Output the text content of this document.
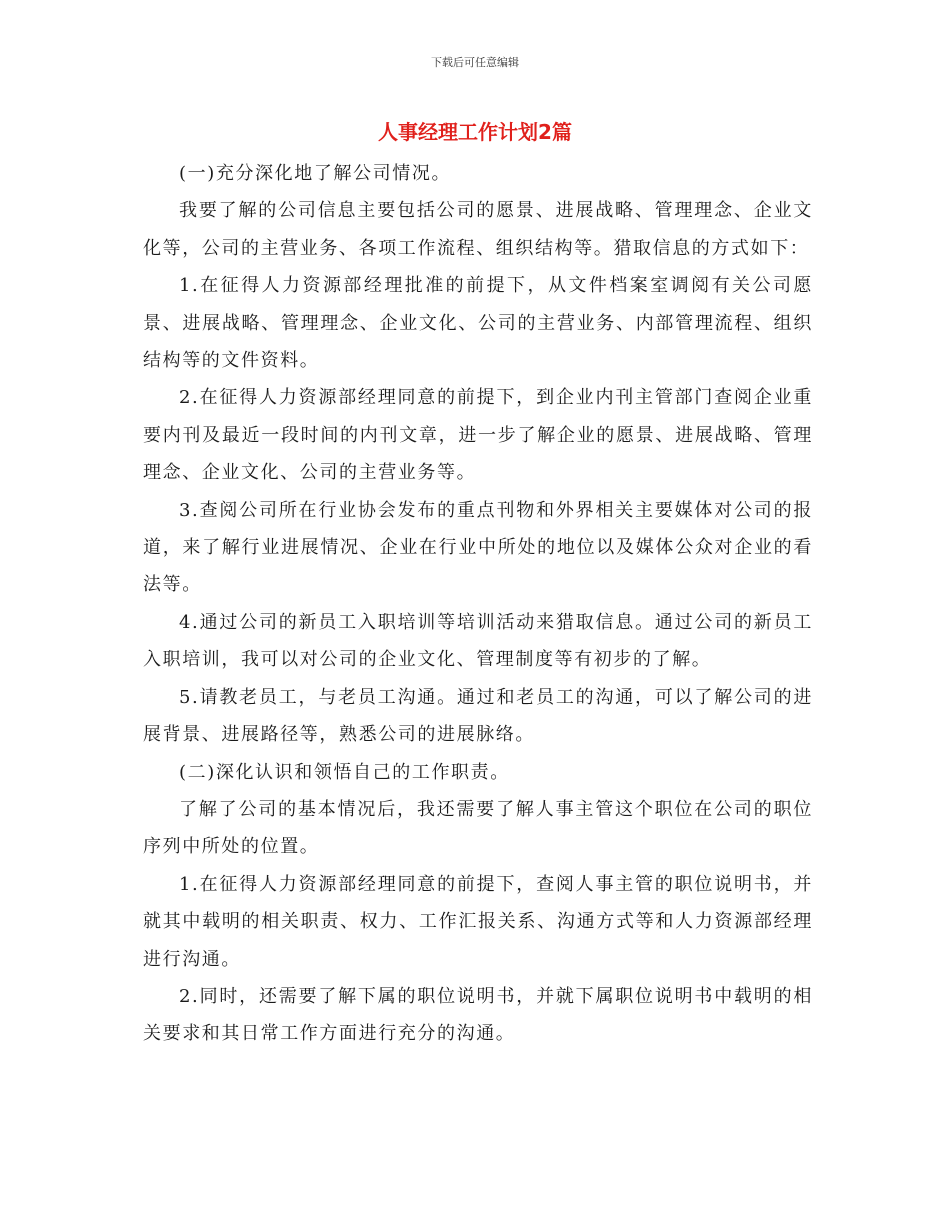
下载后可任意编辑
人事经理工作计划2篇

(一)充分深化地了解公司情况。

我要了解的公司信息主要包括公司的愿景、进展战略、管理理念、企业文化等，公司的主营业务、各项工作流程、组织结构等。猎取信息的方式如下：

1.在征得人力资源部经理批准的前提下，从文件档案室调阅有关公司愿景、进展战略、管理理念、企业文化、公司的主营业务、内部管理流程、组织结构等的文件资料。

2.在征得人力资源部经理同意的前提下，到企业内刊主管部门查阅企业重要内刊及最近一段时间的内刊文章，进一步了解企业的愿景、进展战略、管理理念、企业文化、公司的主营业务等。

3.查阅公司所在行业协会发布的重点刊物和外界相关主要媒体对公司的报道，来了解行业进展情况、企业在行业中所处的地位以及媒体公众对企业的看法等。

4.通过公司的新员工入职培训等培训活动来猎取信息。通过公司的新员工入职培训，我可以对公司的企业文化、管理制度等有初步的了解。

5.请教老员工，与老员工沟通。通过和老员工的沟通，可以了解公司的进展背景、进展路径等，熟悉公司的进展脉络。

(二)深化认识和领悟自己的工作职责。

了解了公司的基本情况后，我还需要了解人事主管这个职位在公司的职位序列中所处的位置。

1.在征得人力资源部经理同意的前提下，查阅人事主管的职位说明书，并就其中载明的相关职责、权力、工作汇报关系、沟通方式等和人力资源部经理进行沟通。

2.同时，还需要了解下属的职位说明书，并就下属职位说明书中载明的相关要求和其日常工作方面进行充分的沟通。
